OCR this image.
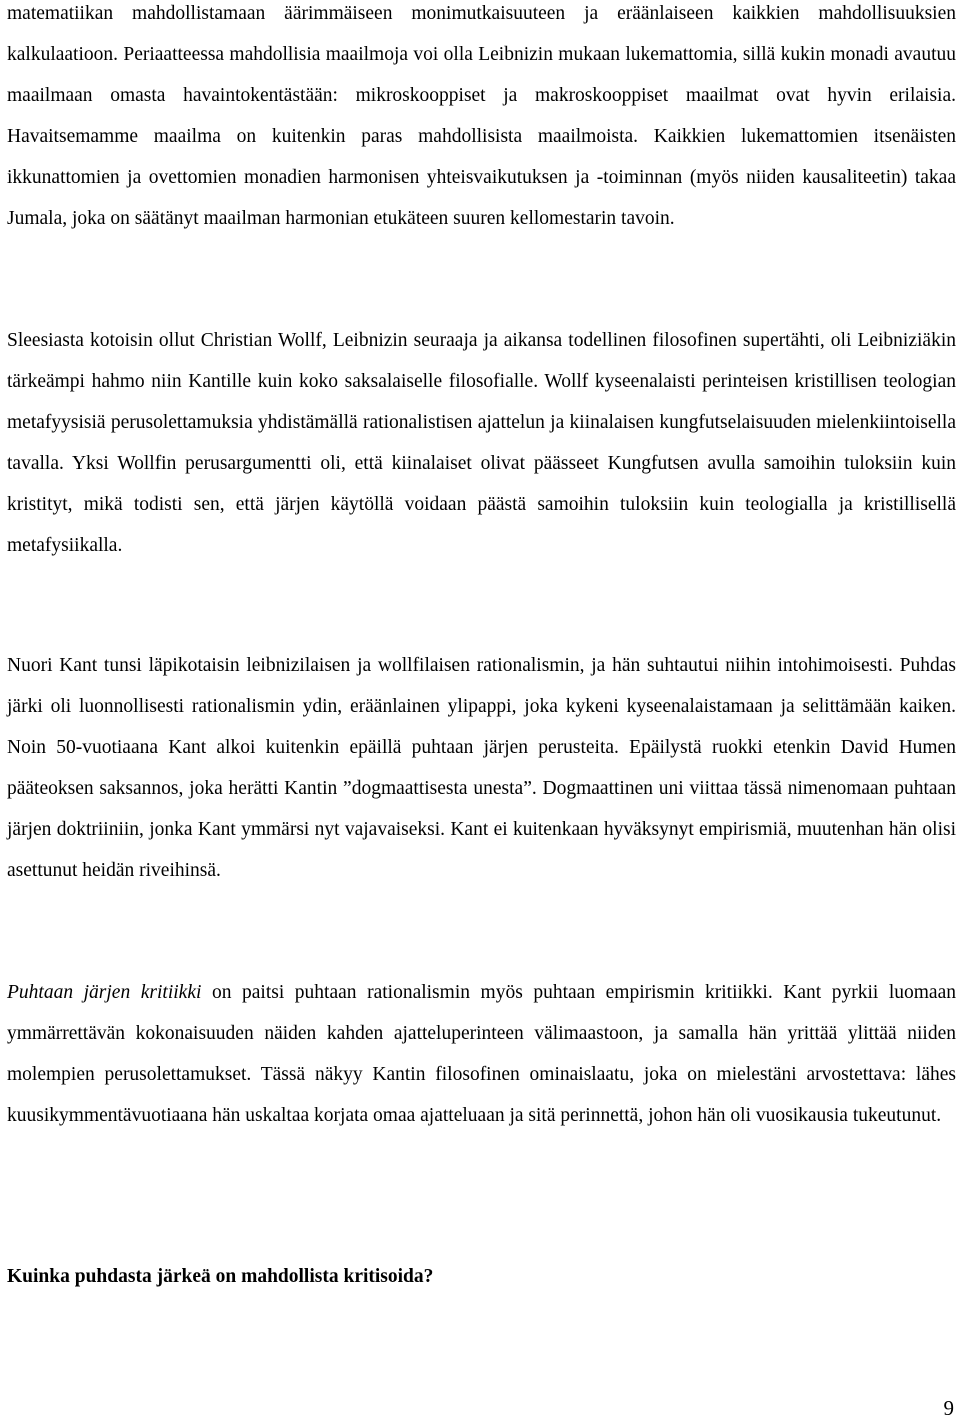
matematiikan mahdollistamaan äärimmäiseen monimutkaisuuteen ja eräänlaiseen kaikkien mahdollisuuksien kalkulaatioon. Periaatteessa mahdollisia maailmoja voi olla Leibnizin mukaan lukemattomia, sillä kukin monadi avautuu maailmaan omasta havaintokentästään: mikroskooppiset ja makroskooppiset maailmat ovat hyvin erilaisia. Havaitsemamme maailma on kuitenkin paras mahdollisista maailmoista. Kaikkien lukemattomien itsenäisten ikkunattomien ja ovettomien monadien harmonisen yhteisvaikutuksen ja -toiminnan (myös niiden kausaliteetin) takaa Jumala, joka on säätänyt maailman harmonian etukäteen suuren kellomestarin tavoin.

Sleesiasta kotoisin ollut Christian Wollf, Leibnizin seuraaja ja aikansa todellinen filosofinen supertähti, oli Leibniziäkin tärkeämpi hahmo niin Kantille kuin koko saksalaiselle filosofialle. Wollf kyseenalaisti perinteisen kristillisen teologian metafyysisiä perusolettamuksia yhdistämällä rationalistisen ajattelun ja kiinalaisen kungfutselaisuuden mielenkiintoisella tavalla. Yksi Wollfin perusargumentti oli, että kiinalaiset olivat päässeet Kungfutsen avulla samoihin tuloksiin kuin kristityt, mikä todisti sen, että järjen käytöllä voidaan päästä samoihin tuloksiin kuin teologialla ja kristillisellä metafysiikalla.

Nuori Kant tunsi läpikotaisin leibnizilaisen ja wollfilaisen rationalismin, ja hän suhtautui niihin intohimoisesti. Puhdas järki oli luonnollisesti rationalismin ydin, eräänlainen ylipappi, joka kykeni kyseenalaistamaan ja selittämään kaiken. Noin 50-vuotiaana Kant alkoi kuitenkin epäillä puhtaan järjen perusteita. Epäilystä ruokki etenkin David Humen pääteoksen saksannos, joka herätti Kantin ”dogmaattisesta unesta”. Dogmaattinen uni viittaa tässä nimenomaan puhtaan järjen doktriiniin, jonka Kant ymmärsi nyt vajavaiseksi. Kant ei kuitenkaan hyväksynyt empirismiä, muutenhan hän olisi asettunut heidän riveihinsä.

Puhtaan järjen kritiikki on paitsi puhtaan rationalismin myös puhtaan empirismin kritiikki. Kant pyrkii luomaan ymmärrettävän kokonaisuuden näiden kahden ajatteluperinteen välimaastoon, ja samalla hän yrittää ylittää niiden molempien perusolettamukset. Tässä näkyy Kantin filosofinen ominaislaatu, joka on mielestäni arvostettava: lähes kuusikymmentävuotiaana hän uskaltaa korjata omaa ajatteluaan ja sitä perinnettä, johon hän oli vuosikausia tukeutunut.

Kuinka puhdasta järkeä on mahdollista kritisoida?
9
